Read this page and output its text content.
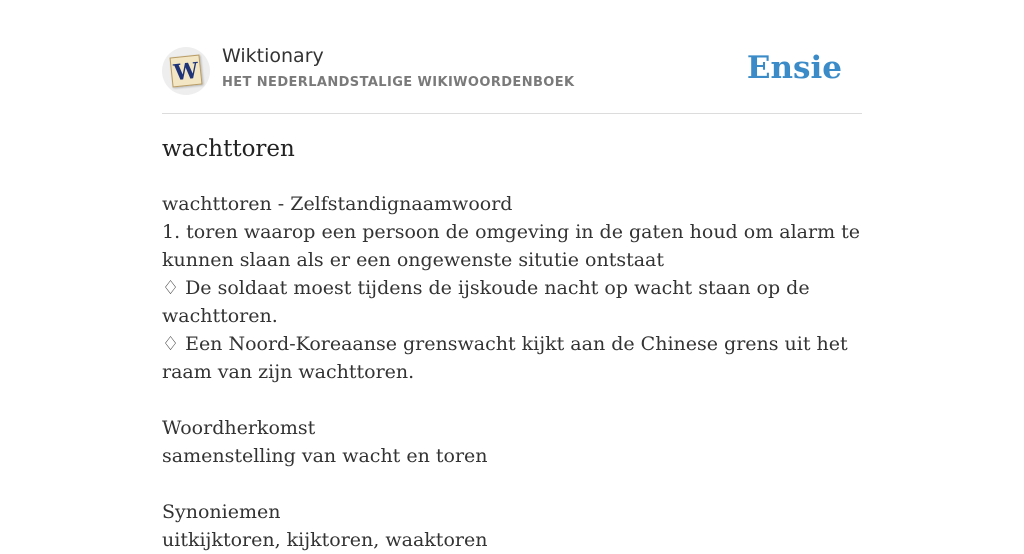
W
Wiktionary
HET NEDERLANDSTALIGE WIKIWOORDENBOEK	Ensie
wachttoren
wachttoren - Zelfstandignaamwoord
1. toren waarop een persoon de omgeving in de gaten houd om alarm te kunnen slaan als er een ongewenste situtie ontstaat
♢ De soldaat moest tijdens de ijskoude nacht op wacht staan op de wachttoren.
♢ Een Noord-Koreaanse grenswacht kijkt aan de Chinese grens uit het raam van zijn wachttoren.
Woordherkomst
samenstelling van wacht en toren
Synoniemen
uitkijktoren, kijktoren, waaktoren
